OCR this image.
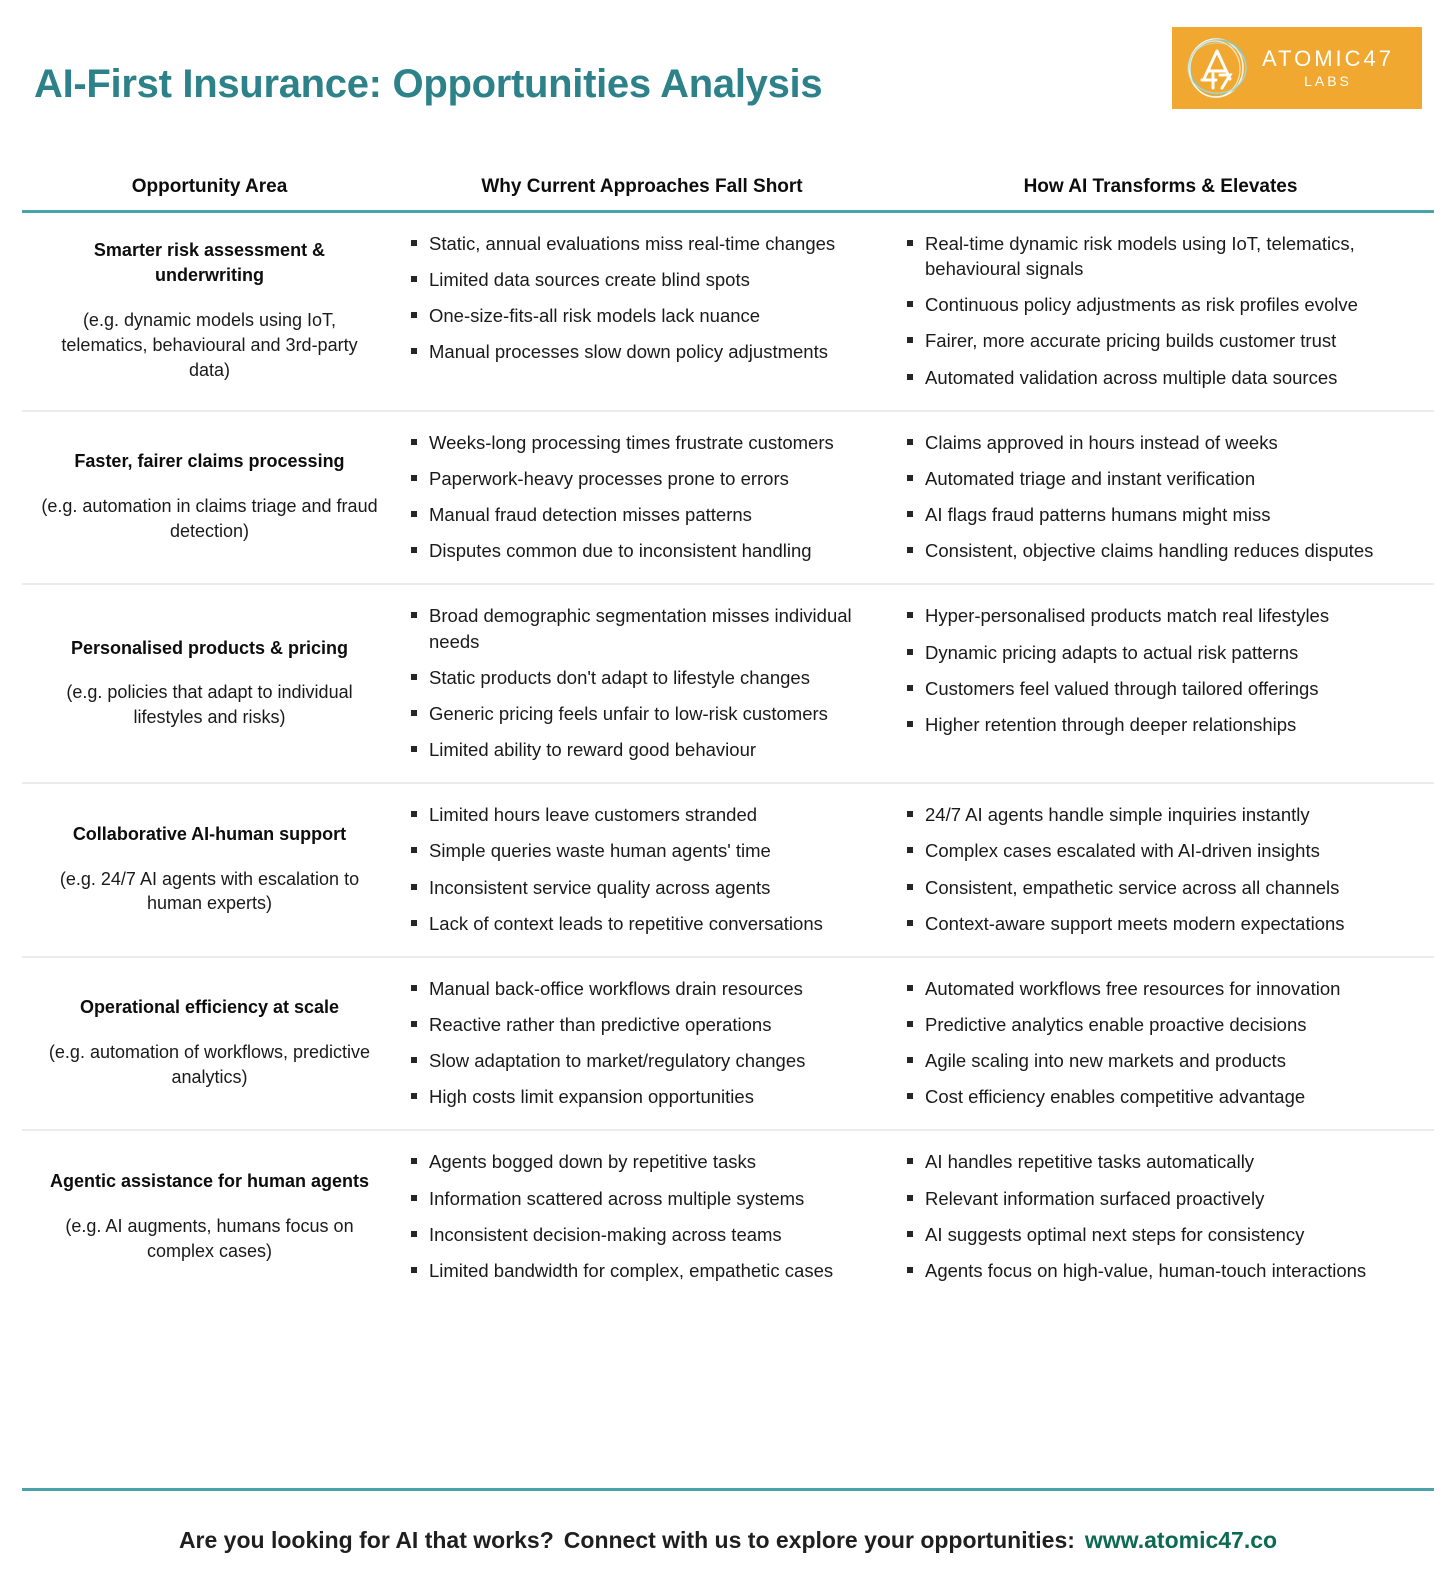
AI-First Insurance: Opportunities Analysis
ATOMIC47
LABS
Opportunity Area	Why Current Approaches Fall Short	How AI Transforms & Elevates
Smarter risk assessment & underwriting
(e.g. dynamic models using IoT, telematics, behavioural and 3rd-party data)
Static, annual evaluations miss real-time changes
Limited data sources create blind spots
One-size-fits-all risk models lack nuance
Manual processes slow down policy adjustments
Real-time dynamic risk models using IoT, telematics, behavioural signals
Continuous policy adjustments as risk profiles evolve
Fairer, more accurate pricing builds customer trust
Automated validation across multiple data sources
Faster, fairer claims processing
(e.g. automation in claims triage and fraud detection)
Weeks-long processing times frustrate customers
Paperwork-heavy processes prone to errors
Manual fraud detection misses patterns
Disputes common due to inconsistent handling
Claims approved in hours instead of weeks
Automated triage and instant verification
AI flags fraud patterns humans might miss
Consistent, objective claims handling reduces disputes
Personalised products & pricing
(e.g. policies that adapt to individual lifestyles and risks)
Broad demographic segmentation misses individual needs
Static products don't adapt to lifestyle changes
Generic pricing feels unfair to low-risk customers
Limited ability to reward good behaviour
Hyper-personalised products match real lifestyles
Dynamic pricing adapts to actual risk patterns
Customers feel valued through tailored offerings
Higher retention through deeper relationships
Collaborative AI-human support
(e.g. 24/7 AI agents with escalation to human experts)
Limited hours leave customers stranded
Simple queries waste human agents' time
Inconsistent service quality across agents
Lack of context leads to repetitive conversations
24/7 AI agents handle simple inquiries instantly
Complex cases escalated with AI-driven insights
Consistent, empathetic service across all channels
Context-aware support meets modern expectations
Operational efficiency at scale
(e.g. automation of workflows, predictive analytics)
Manual back-office workflows drain resources
Reactive rather than predictive operations
Slow adaptation to market/regulatory changes
High costs limit expansion opportunities
Automated workflows free resources for innovation
Predictive analytics enable proactive decisions
Agile scaling into new markets and products
Cost efficiency enables competitive advantage
Agentic assistance for human agents
(e.g. AI augments, humans focus on complex cases)
Agents bogged down by repetitive tasks
Information scattered across multiple systems
Inconsistent decision-making across teams
Limited bandwidth for complex, empathetic cases
AI handles repetitive tasks automatically
Relevant information surfaced proactively
AI suggests optimal next steps for consistency
Agents focus on high-value, human-touch interactions
Are you looking for AI that works? Connect with us to explore your opportunities: www.atomic47.co
